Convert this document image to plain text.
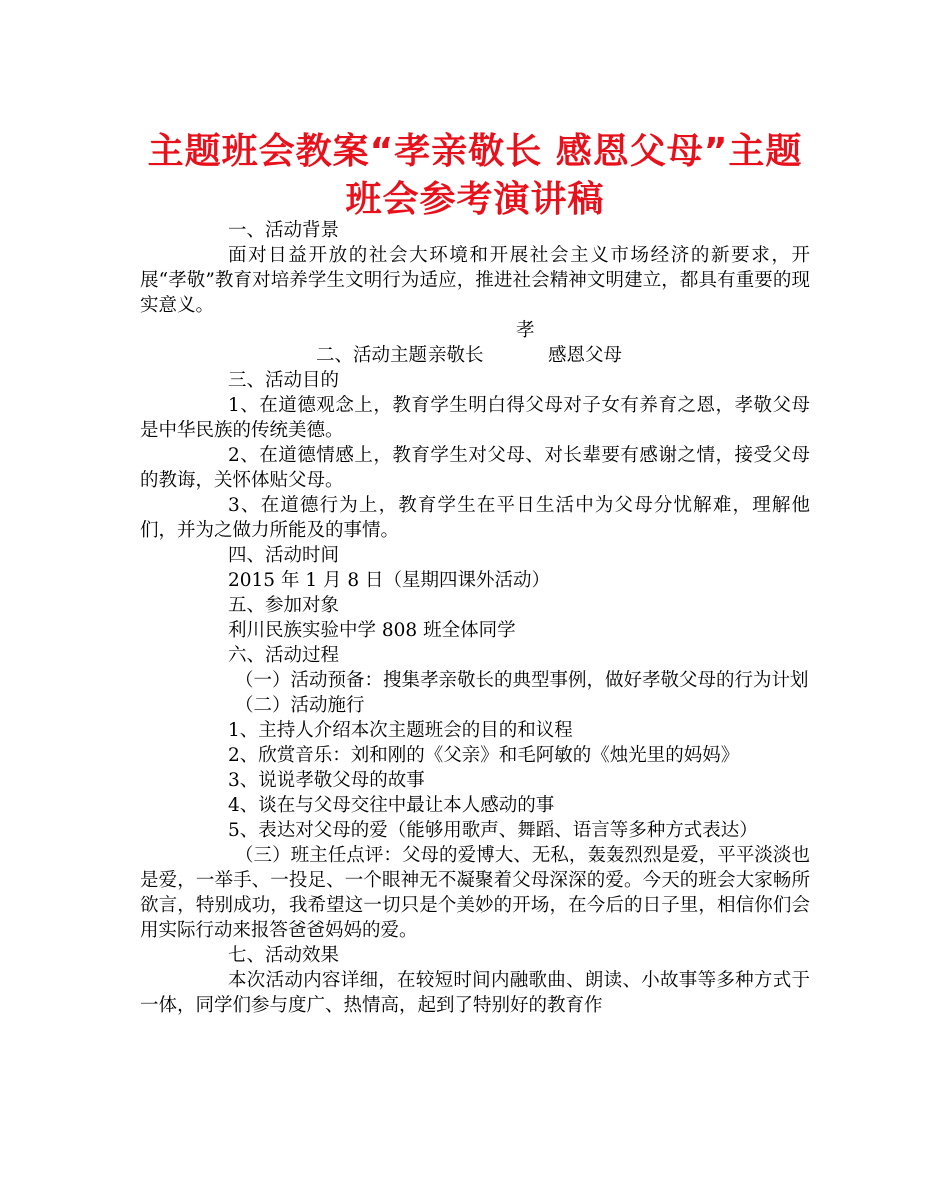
主题班会教案“孝亲敬长 感恩父母”主题
班会参考演讲稿

一、活动背景

面对日益开放的社会大环境和开展社会主义市场经济的新要求，开展“孝敬”教育对培养学生文明行为适应，推进社会精神文明建立，都具有重要的现实意义。

二、活动主题孝亲敬长	感恩父母

三、活动目的

1、在道德观念上，教育学生明白得父母对子女有养育之恩，孝敬父母是中华民族的传统美德。

2、在道德情感上，教育学生对父母、对长辈要有感谢之情，接受父母的教诲，关怀体贴父母。

3、在道德行为上，教育学生在平日生活中为父母分忧解难，理解他们，并为之做力所能及的事情。

四、活动时间

2015 年 1 月 8 日（星期四课外活动）

五、参加对象

利川民族实验中学 808 班全体同学

六、活动过程

（一）活动预备：搜集孝亲敬长的典型事例，做好孝敬父母的行为计划

（二）活动施行

1、主持人介绍本次主题班会的目的和议程

2、欣赏音乐：刘和刚的《父亲》和毛阿敏的《烛光里的妈妈》

3、说说孝敬父母的故事

4、谈在与父母交往中最让本人感动的事

5、表达对父母的爱（能够用歌声、舞蹈、语言等多种方式表达）

（三）班主任点评：父母的爱博大、无私，轰轰烈烈是爱，平平淡淡也是爱，一举手、一投足、一个眼神无不凝聚着父母深深的爱。今天的班会大家畅所欲言，特别成功，我希望这一切只是个美妙的开场，在今后的日子里，相信你们会用实际行动来报答爸爸妈妈的爱。

七、活动效果

本次活动内容详细，在较短时间内融歌曲、朗读、小故事等多种方式于一体，同学们参与度广、热情高，起到了特别好的教育作
